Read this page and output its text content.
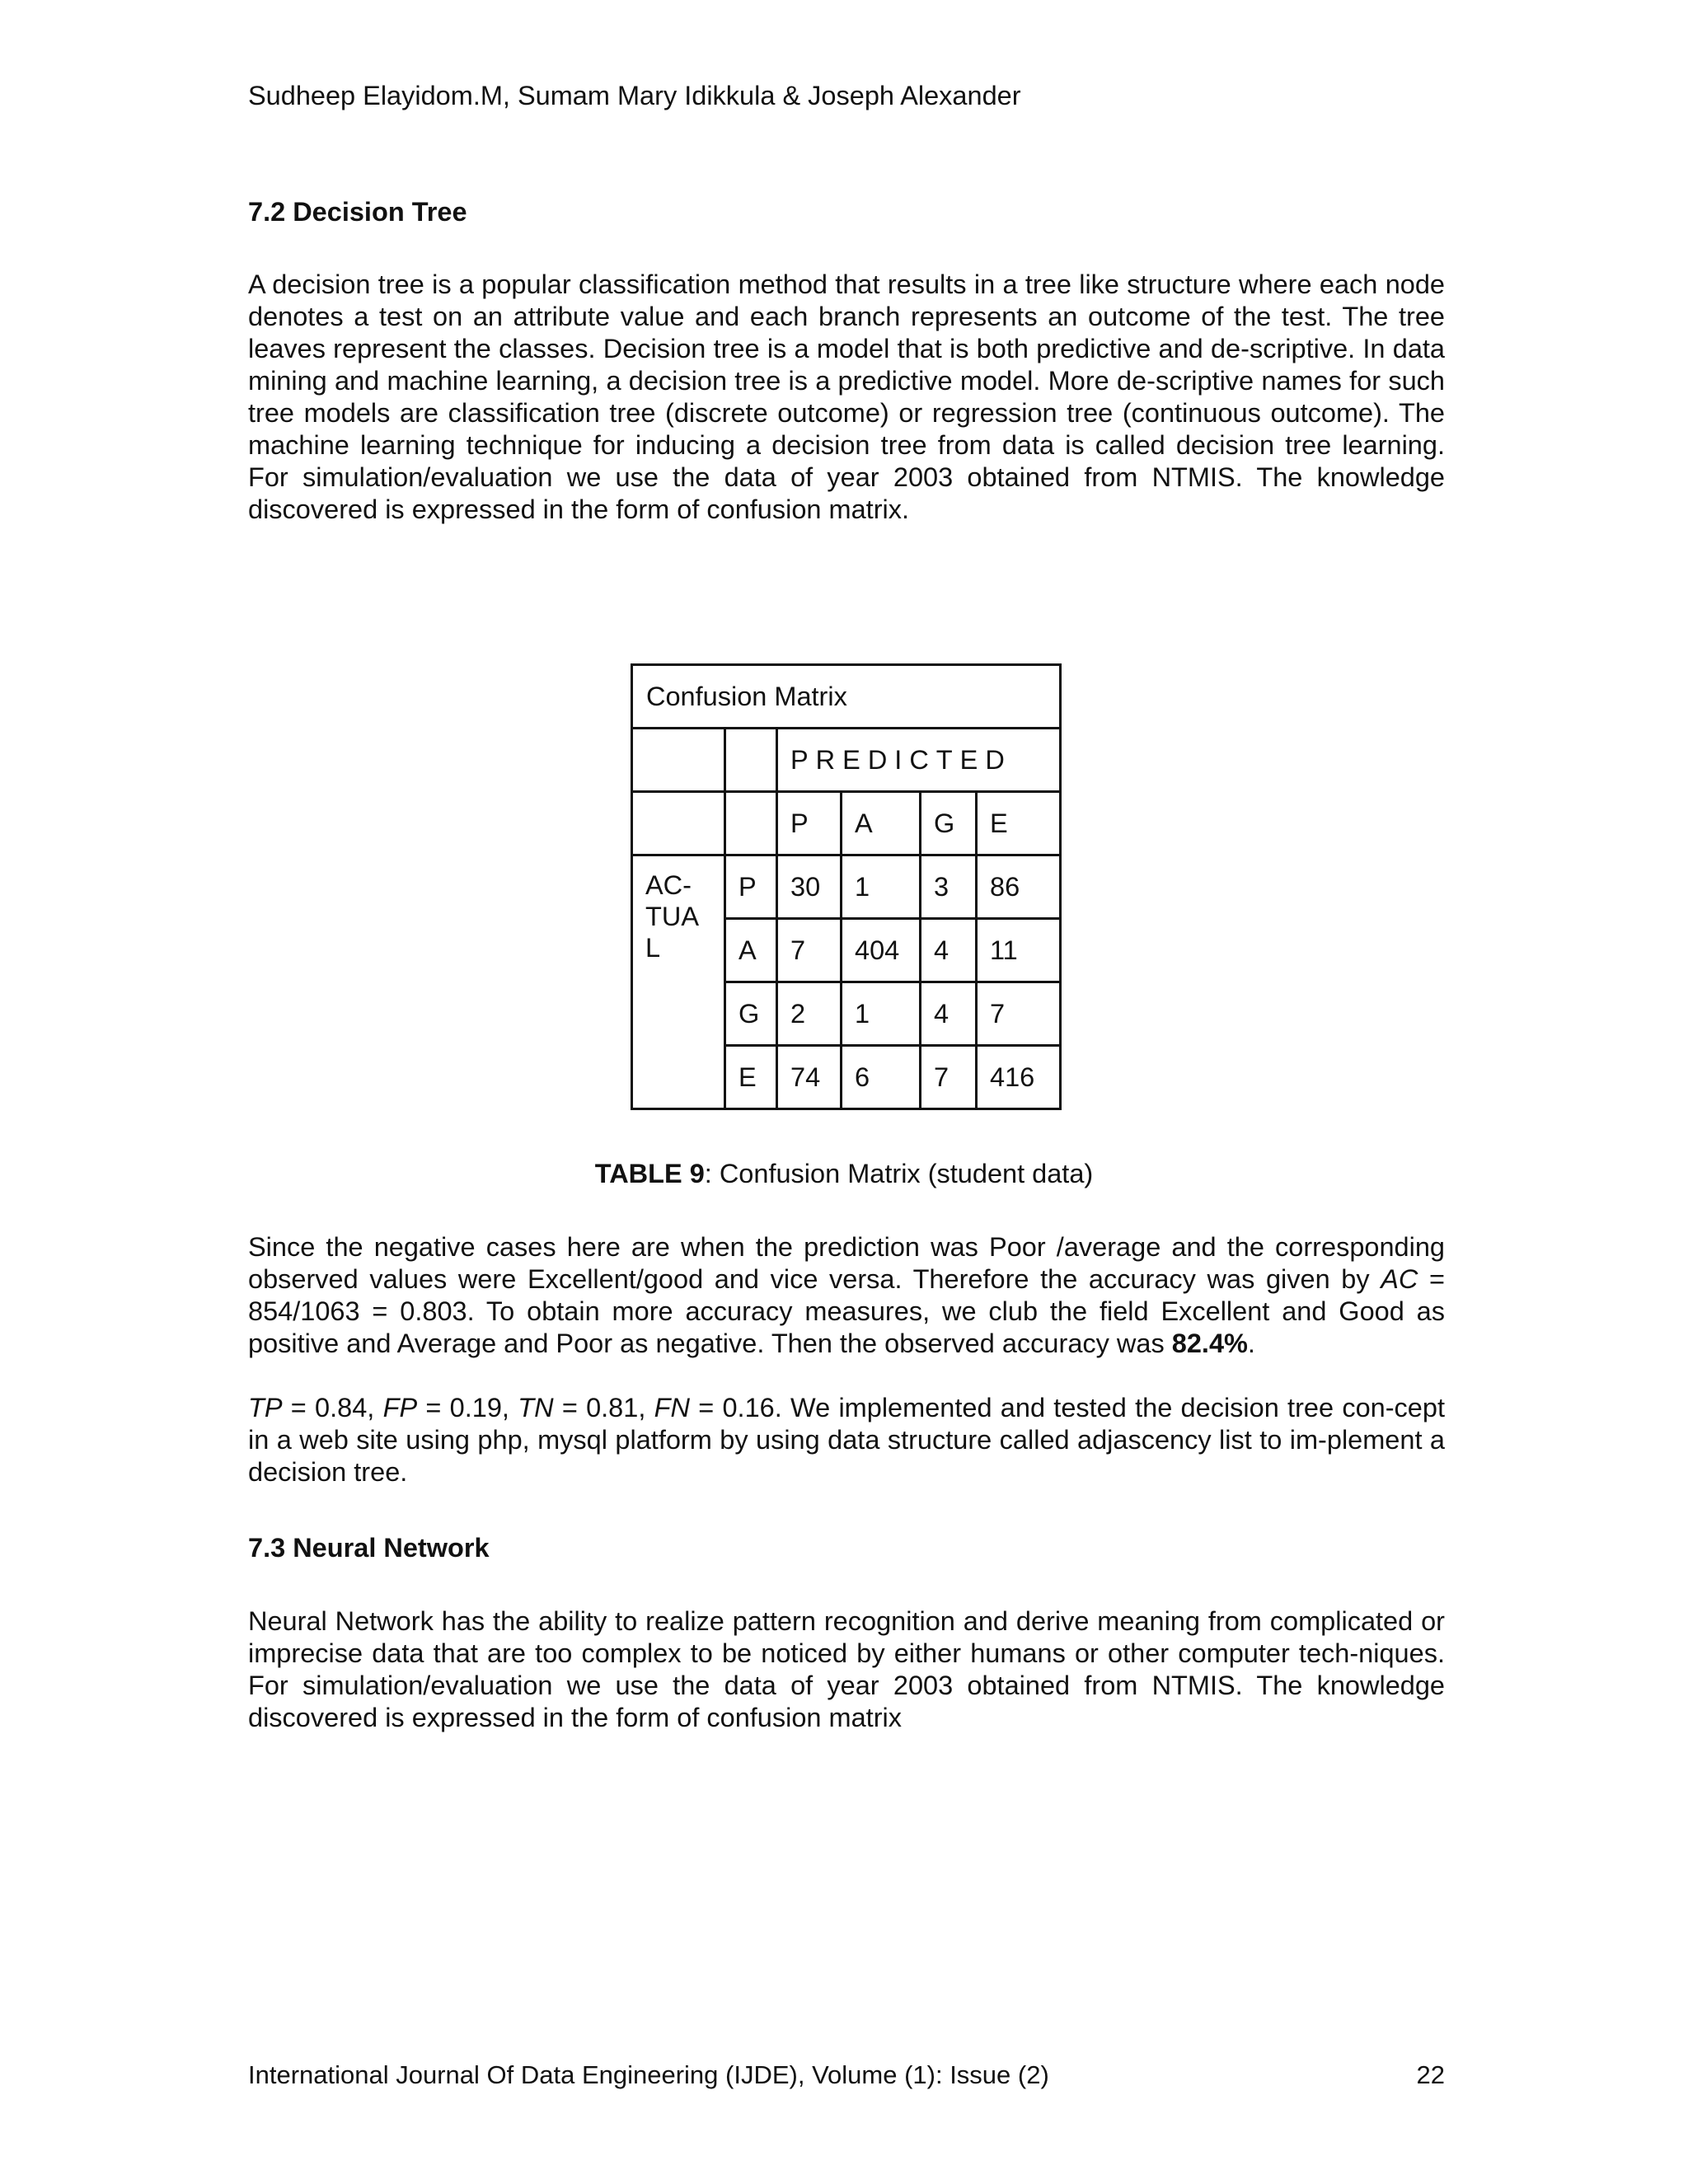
Sudheep Elayidom.M, Sumam Mary Idikkula & Joseph Alexander
7.2 Decision Tree

A decision tree is a popular classification method that results in a tree like structure where each node denotes a test on an attribute value and each branch represents an outcome of the test. The tree leaves represent the classes. Decision tree is a model that is both predictive and de-scriptive. In data mining and machine learning, a decision tree is a predictive model. More de-scriptive names for such tree models are classification tree (discrete outcome) or regression tree (continuous outcome). The machine learning technique for inducing a decision tree from data is called decision tree learning. For simulation/evaluation we use the data of year 2003 obtained from NTMIS. The knowledge discovered is expressed in the form of confusion matrix.

Confusion Matrix					
		PREDICTED			
		P	A	G	E
AC-
TUA
L	P	30	1	3	86
	A	7	404	4	11
	G	2	1	4	7
	E	74	6	7	416

TABLE 9: Confusion Matrix (student data)

Since the negative cases here are when the prediction was Poor /average and the corresponding observed values were Excellent/good and vice versa. Therefore the accuracy was given by AC = 854/1063 = 0.803. To obtain more accuracy measures, we club the field Excellent and Good as positive and Average and Poor as negative. Then the observed accuracy was 82.4%.

TP = 0.84, FP = 0.19, TN = 0.81, FN = 0.16. We implemented and tested the decision tree con-cept in a web site using php, mysql platform by using data structure called adjascency list to im-plement a decision tree.

7.3 Neural Network

Neural Network has the ability to realize pattern recognition and derive meaning from complicated or imprecise data that are too complex to be noticed by either humans or other computer tech-niques. For simulation/evaluation we use the data of year 2003 obtained from NTMIS. The knowledge discovered is expressed in the form of confusion matrix

International Journal Of Data Engineering (IJDE), Volume (1): Issue (2)	22
